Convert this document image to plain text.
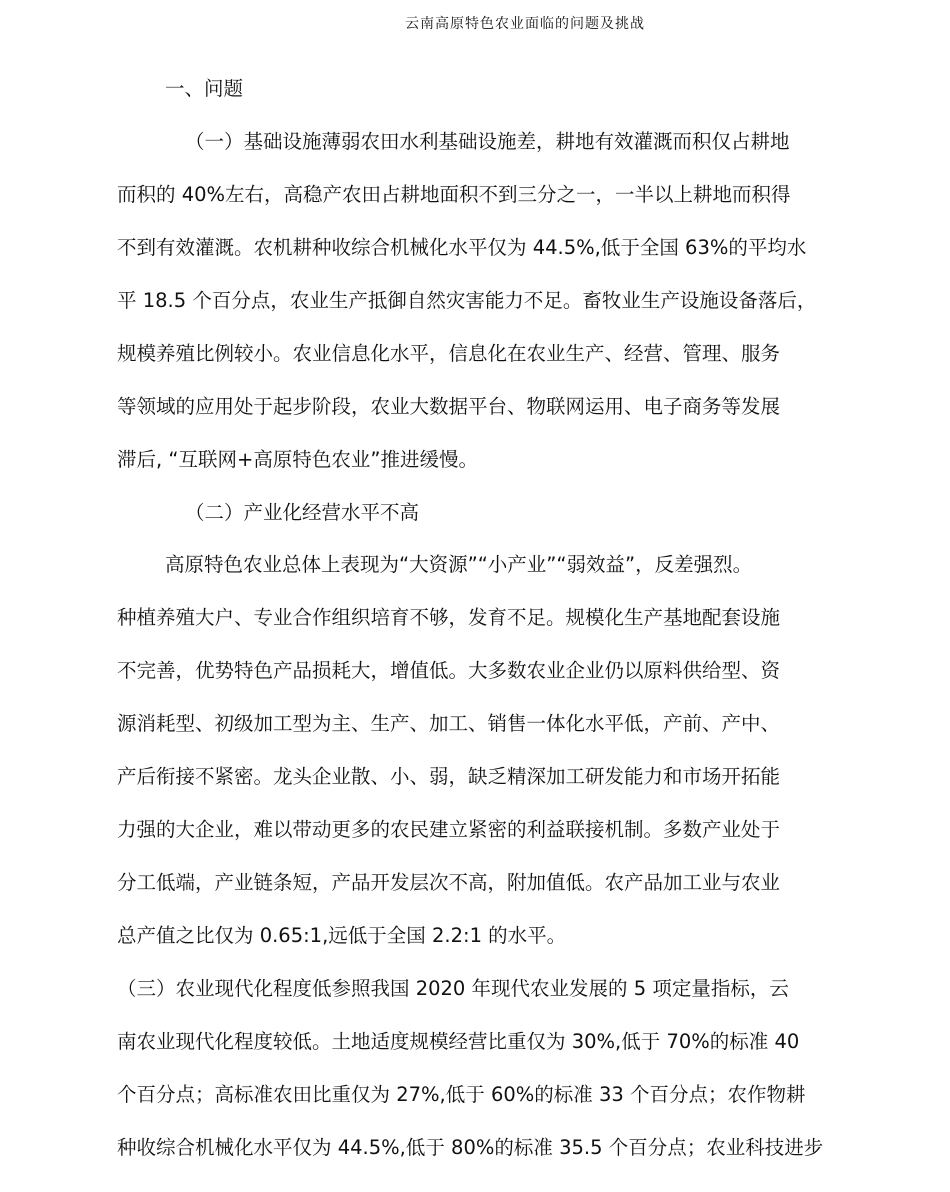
云南高原特色农业面临的问题及挑战
一、问题
（一）基础设施薄弱农田水利基础设施差，耕地有效灌溉而积仅占耕地
而积的 40%左右，高稳产农田占耕地面积不到三分之一，一半以上耕地而积得
不到有效灌溉。农机耕种收综合机械化水平仅为 44.5%,低于全国 63%的平均水
平 18.5 个百分点，农业生产抵御自然灾害能力不足。畜牧业生产设施设备落后，
规模养殖比例较小。农业信息化水平，信息化在农业生产、经营、管理、服务
等领域的应用处于起步阶段，农业大数据平台、物联网运用、电子商务等发展
滞后, “互联网+高原特色农业”推进缓慢。
（二）产业化经营水平不高
高原特色农业总体上表现为“大资源”“小产业”“弱效益”，反差强烈。
种植养殖大户、专业合作组织培育不够，发育不足。规模化生产基地配套设施
不完善，优势特色产品损耗大，增值低。大多数农业企业仍以原料供给型、资
源消耗型、初级加工型为主、生产、加工、销售一体化水平低，产前、产中、
产后衔接不紧密。龙头企业散、小、弱，缺乏精深加工研发能力和市场开拓能
力强的大企业，难以带动更多的农民建立紧密的利益联接机制。多数产业处于
分工低端，产业链条短，产品开发层次不高，附加值低。农产品加工业与农业
总产值之比仅为 0.65:1,远低于全国 2.2:1 的水平。
（三）农业现代化程度低参照我国 2020 年现代农业发展的 5 项定量指标，云
南农业现代化程度较低。土地适度规模经营比重仅为 30%,低于 70%的标准 40
个百分点；高标准农田比重仅为 27%,低于 60%的标准 33 个百分点；农作物耕
种收综合机械化水平仅为 44.5%,低于 80%的标准 35.5 个百分点；农业科技进步
